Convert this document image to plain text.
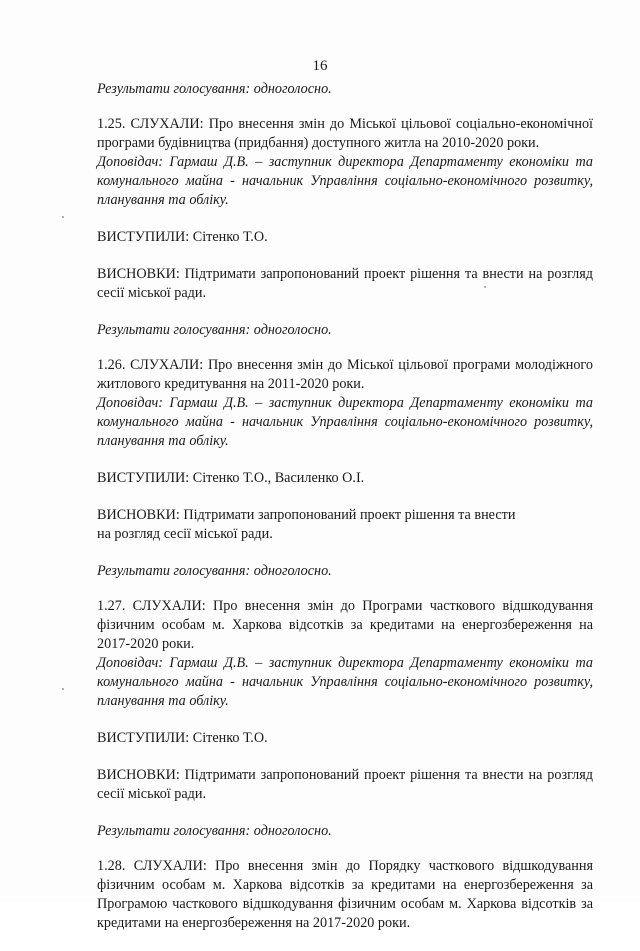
16
Результати голосування: одноголосно.
1.25. СЛУХАЛИ: Про внесення змін до Міської цільової соціально-економічної програми будівництва (придбання) доступного житла на 2010-2020 роки.
Доповідач: Гармаш Д.В. – заступник директора Департаменту економіки та комунального майна - начальник Управління соціально-економічного розвитку, планування та обліку.
ВИСТУПИЛИ: Сітенко Т.О.
ВИСНОВКИ: Підтримати запропонований проект рішення та внести на розгляд сесії міської ради.
Результати голосування: одноголосно.
1.26. СЛУХАЛИ: Про внесення змін до Міської цільової програми молодіжного житлового кредитування на 2011-2020 роки.
Доповідач: Гармаш Д.В. – заступник директора Департаменту економіки та комунального майна - начальник Управління соціально-економічного розвитку, планування та обліку.
ВИСТУПИЛИ: Сітенко Т.О., Василенко О.І.
ВИСНОВКИ: Підтримати запропонований проект рішення та внести
на розгляд сесії міської ради.
Результати голосування: одноголосно.
1.27. СЛУХАЛИ: Про внесення змін до Програми часткового відшкодування фізичним особам м. Харкова відсотків за кредитами на енергозбереження на 2017-2020 роки.
Доповідач: Гармаш Д.В. – заступник директора Департаменту економіки та комунального майна - начальник Управління соціально-економічного розвитку, планування та обліку.
ВИСТУПИЛИ: Сітенко Т.О.
ВИСНОВКИ: Підтримати запропонований проект рішення та внести на розгляд сесії міської ради.
Результати голосування: одноголосно.
1.28. СЛУХАЛИ: Про внесення змін до Порядку часткового відшкодування фізичним особам м. Харкова відсотків за кредитами на енергозбереження за Програмою часткового відшкодування фізичним особам м. Харкова відсотків за кредитами на енергозбереження на 2017-2020 роки.
